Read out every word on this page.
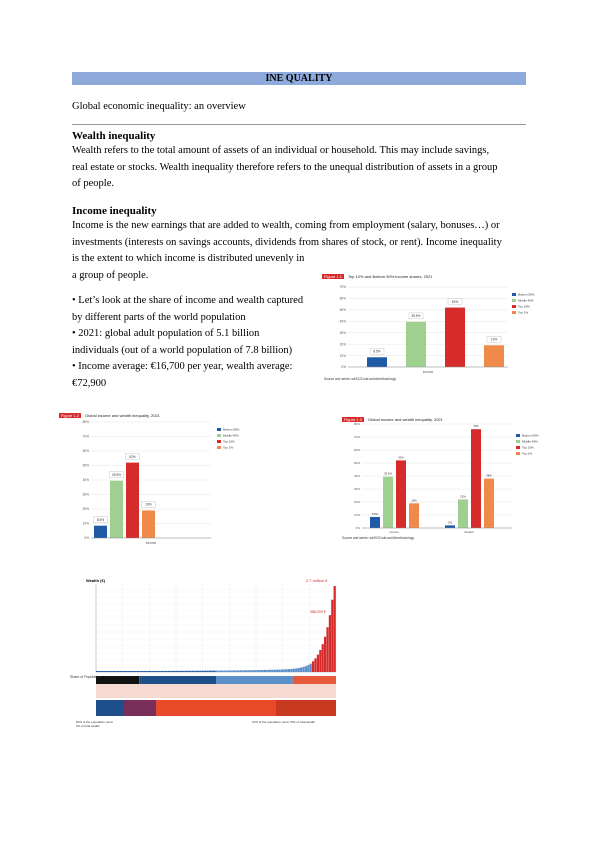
INE QUALITY
Global economic inequality: an overview
Wealth inequality
Wealth refers to the total amount of assets of an individual or household. This may include savings,
real estate or stocks. Wealth inequality therefore refers to the unequal distribution of assets in a group
of people.
Income inequality
Income is the new earnings that are added to wealth, coming from employment (salary, bonuses…) or
investments (interests on savings accounts, dividends from shares of stock, or rent). Income inequality
is the extent to which income is distributed unevenly in
a group of people.
• Let’s look at the share of income and wealth captured
by different parts of the world population
• 2021: global adult population of 5.1 billion
individuals (out of a world population of 7.8 billion)
• Income average: €16,700 per year, wealth average:
€72,900
Figure 1.1 Top 10% and Bottom 50% income shares, 2021
0%
10%
20%
30%
40%
50%
60%
70%
8.5%
39.5%
52%
19%
Income
Bottom 50%
Middle 40%
Top 10%
Top 1%
Source and series: wir2022.wid.world/methodology
Figure 1.2 Global income and wealth inequality, 2021
0%
10%
20%
30%
40%
50%
60%
70%
80%
8.5%
39.5%
52%
19%
Income
Bottom 50%
Middle 40%
Top 10%
Top 1%
Figure 1.3 Global income and wealth inequality, 2021
0%
10%
20%
30%
40%
50%
60%
70%
80%
8.5%
39.5%
52%
19%
Income
2%
22%
76%
38%
Wealth
Bottom 50%
Middle 40%
Top 10%
Top 1%
Source and series: wir2022.wid.world/methodology
Wealth (€)	2.7 million €
388,000 €
Share of Population
50% of the population owns 2% of total wealth
10% of the population owns 76% of total wealth
